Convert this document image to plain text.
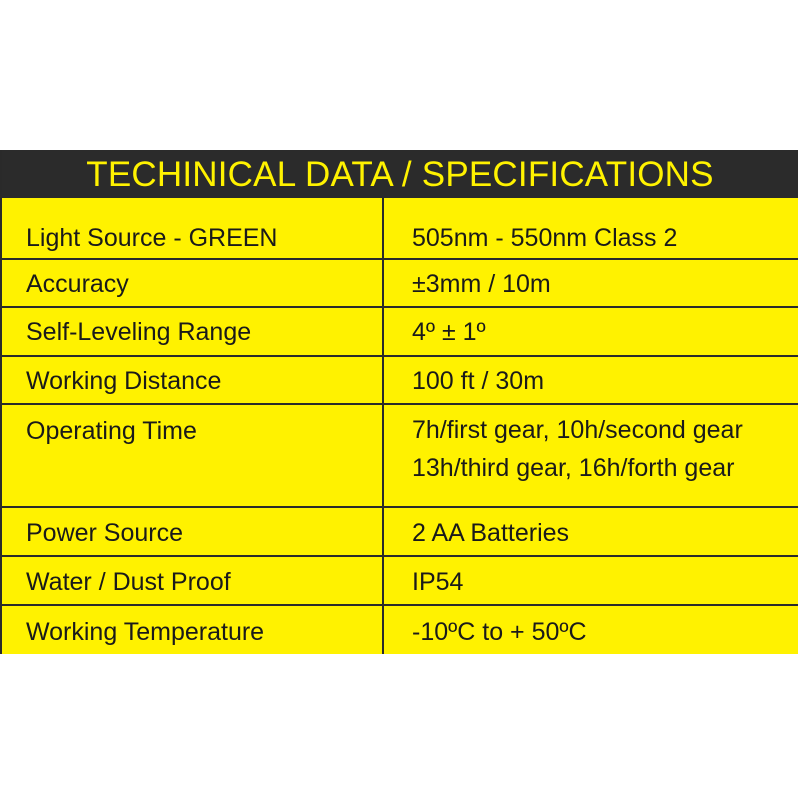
TECHINICAL DATA / SPECIFICATIONS
Light Source - GREEN	505nm - 550nm Class 2
Accuracy	±3mm / 10m
Self-Leveling Range	4º ± 1º
Working Distance	100 ft / 30m
Operating Time	7h/first gear, 10h/second gear
13h/third gear, 16h/forth gear
Power Source	2 AA Batteries
Water / Dust Proof	IP54
Working Temperature	-10ºC to + 50ºC
